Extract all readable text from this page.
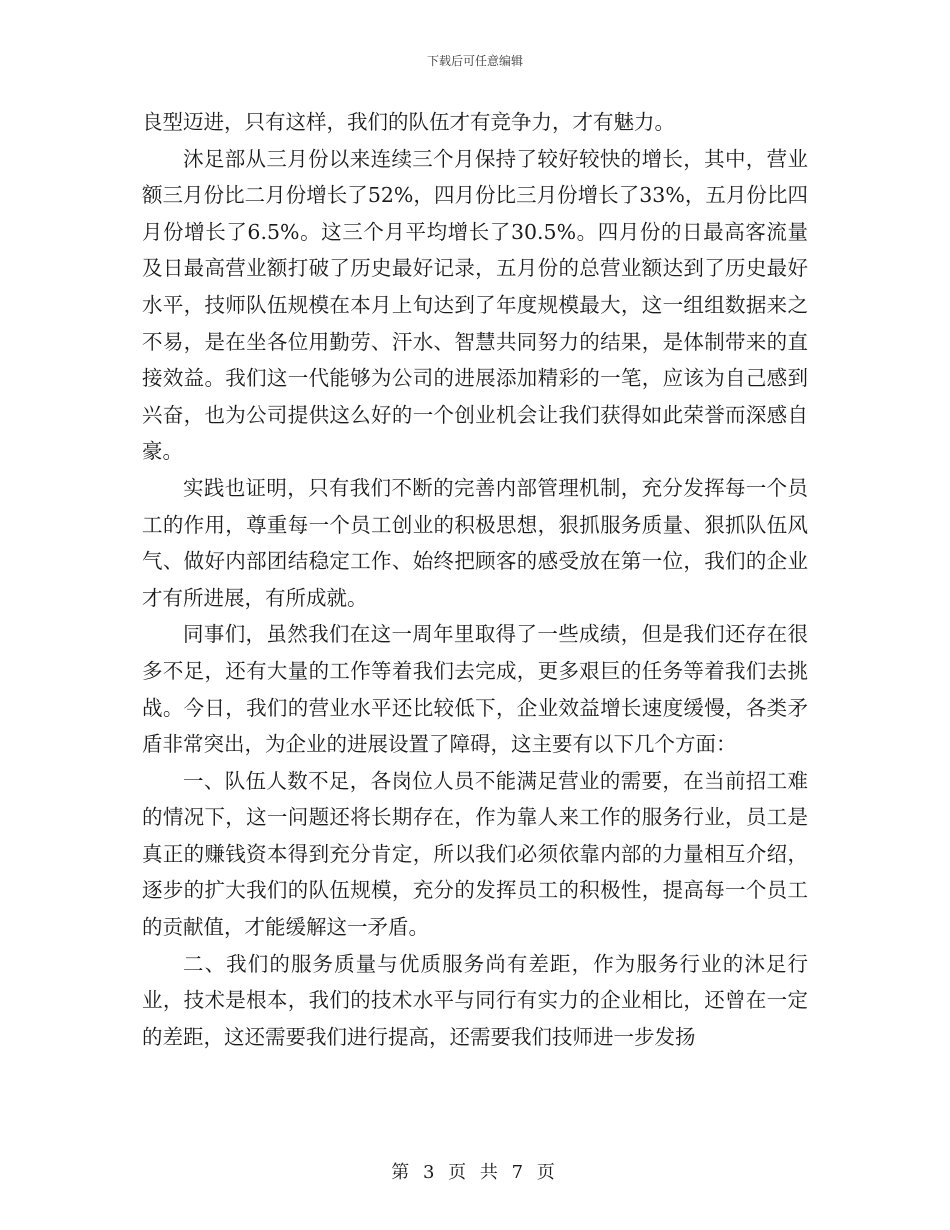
下载后可任意编辑

良型迈进，只有这样，我们的队伍才有竞争力，才有魅力。

沐足部从三月份以来连续三个月保持了较好较快的增长，其中，营业额三月份比二月份增长了52%，四月份比三月份增长了33%，五月份比四月份增长了6.5%。这三个月平均增长了30.5%。四月份的日最高客流量及日最高营业额打破了历史最好记录，五月份的总营业额达到了历史最好水平，技师队伍规模在本月上旬达到了年度规模最大，这一组组数据来之不易，是在坐各位用勤劳、汗水、智慧共同努力的结果，是体制带来的直接效益。我们这一代能够为公司的进展添加精彩的一笔，应该为自己感到兴奋，也为公司提供这么好的一个创业机会让我们获得如此荣誉而深感自豪。

实践也证明，只有我们不断的完善内部管理机制，充分发挥每一个员工的作用，尊重每一个员工创业的积极思想，狠抓服务质量、狠抓队伍风气、做好内部团结稳定工作、始终把顾客的感受放在第一位，我们的企业才有所进展，有所成就。

同事们，虽然我们在这一周年里取得了一些成绩，但是我们还存在很多不足，还有大量的工作等着我们去完成，更多艰巨的任务等着我们去挑战。今日，我们的营业水平还比较低下，企业效益增长速度缓慢，各类矛盾非常突出，为企业的进展设置了障碍，这主要有以下几个方面：

一、队伍人数不足，各岗位人员不能满足营业的需要，在当前招工难的情况下，这一问题还将长期存在，作为靠人来工作的服务行业，员工是真正的赚钱资本得到充分肯定，所以我们必须依靠内部的力量相互介绍，逐步的扩大我们的队伍规模，充分的发挥员工的积极性，提高每一个员工的贡献值，才能缓解这一矛盾。

二、我们的服务质量与优质服务尚有差距，作为服务行业的沐足行业，技术是根本，我们的技术水平与同行有实力的企业相比，还曾在一定的差距，这还需要我们进行提高，还需要我们技师进一步发扬

第 3 页 共 7 页
